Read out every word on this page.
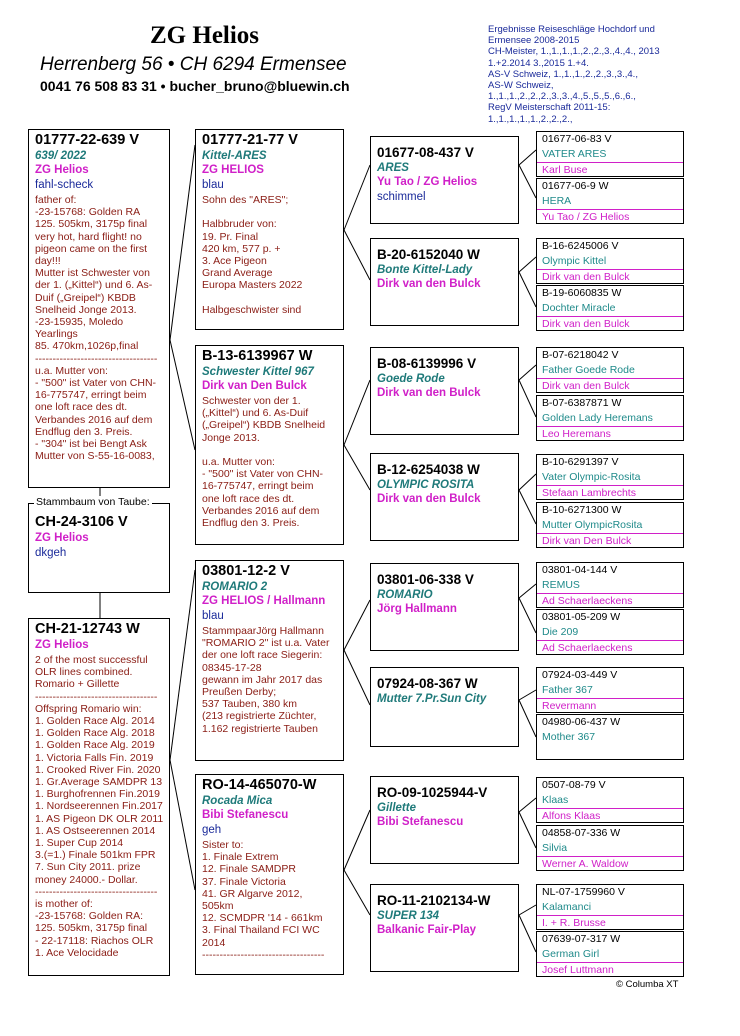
ZG Helios
Herrenberg 56 • CH 6294 Ermensee
0041 76 508 83 31 • bucher_bruno@bluewin.ch
Ergebnisse Reiseschläge Hochdorf und
Ermensee 2008-2015
CH-Meister, 1.,1.,1.,1.,2.,2.,3.,4.,4., 2013
1.+2.2014 3.,2015 1.+4.
AS-V Schweiz, 1.,1.,1.,2.,2.,3.,3.,4.,
AS-W Schweiz,
1.,1.,1.,2.,2.,2.,3.,3.,4.,5.,5.,5.,6.,6.,
RegV Meisterschaft 2011-15:
1.,1.,1.,1.,1.,2.,2.,2.,
01777-22-639 V
639/ 2022
ZG Helios
fahl-scheck
father of:
-23-15768: Golden RA
125. 505km, 3175p final
very hot, hard flight! no
pigeon came on the first
day!!!
Mutter ist Schwester von
der 1. („Kittel“) und 6. As-
Duif („Greipel“) KBDB
Snelheid Jonge 2013.
-23-15935, Moledo
Yearlings
85. 470km,1026p,final
-----------------------------------
u.a. Mutter von:
- "500" ist Vater von CHN-
16-775747, erringt beim
one loft race des dt.
Verbandes 2016 auf dem
Endflug den 3. Preis.
- "304" ist bei Bengt Ask
Mutter von S-55-16-0083,
CH-24-3106 V
ZG Helios
dkgeh
Stammbaum von Taube:
CH-21-12743 W
ZG Helios
2 of the most successful
OLR lines combined.
Romario + Gillette
-----------------------------------
Offspring Romario win:
1. Golden Race Alg. 2014
1. Golden Race Alg. 2018
1. Golden Race Alg. 2019
1. Victoria Falls Fin. 2019
1. Crooked River Fin. 2020
1. Gr.Average SAMDPR 13
1. Burghofrennen Fin.2019
1. Nordseerennen Fin.2017
1. AS Pigeon DK OLR 2011
1. AS Ostseerennen 2014
1. Super Cup 2014
3.(=1.) Finale 501km FPR
7. Sun City 2011. prize
money 24000.- Dollar.
-----------------------------------
is mother of:
-23-15768: Golden RA:
125. 505km, 3175p final
- 22-17118: Riachos OLR
1. Ace Velocidade
01777-21-77 V
Kittel-ARES
ZG HELIOS
blau
Sohn des "ARES";

Halbbruder von:
19. Pr. Final
420 km, 577 p. +
3. Ace Pigeon
Grand Average
Europa Masters 2022

Halbgeschwister sind
B-13-6139967 W
Schwester Kittel 967
Dirk van Den Bulck
Schwester von der 1.
(„Kittel“) und 6. As-Duif
(„Greipel“) KBDB Snelheid
Jonge 2013.

u.a. Mutter von:
- "500" ist Vater von CHN-
16-775747, erringt beim
one loft race des dt.
Verbandes 2016 auf dem
Endflug den 3. Preis.
03801-12-2 V
ROMARIO 2
ZG HELIOS / Hallmann
blau
StammpaarJörg Hallmann
"ROMARIO 2" ist u.a. Vater
der one loft race Siegerin:
08345-17-28
gewann im Jahr 2017 das
Preußen Derby;
537 Tauben, 380 km
(213 registrierte Züchter,
1.162 registrierte Tauben
RO-14-465070-W
Rocada Mica
Bibi Stefanescu
geh
Sister to:
1. Finale Extrem
12. Finale SAMDPR
37. Finale Victoria
41. GR Algarve 2012,
505km
12. SCMDPR '14 - 661km
3. Final Thailand FCI WC
2014
-----------------------------------
01677-08-437 V
ARES
Yu Tao / ZG Helios
schimmel
B-20-6152040 W
Bonte Kittel-Lady
Dirk van den Bulck
B-08-6139996 V
Goede Rode
Dirk van den Bulck
B-12-6254038 W
OLYMPIC ROSITA
Dirk van den Bulck
03801-06-338 V
ROMARIO
Jörg Hallmann
07924-08-367 W
Mutter 7.Pr.Sun City
RO-09-1025944-V
Gillette
Bibi Stefanescu
RO-11-2102134-W
SUPER 134
Balkanic Fair-Play
01677-06-83 V
VATER ARES
Karl Buse
01677-06-9 W
HERA
Yu Tao / ZG Helios
B-16-6245006 V
Olympic Kittel
Dirk van den Bulck
B-19-6060835 W
Dochter Miracle
Dirk van den Bulck
B-07-6218042 V
Father Goede Rode
Dirk van den Bulck
B-07-6387871 W
Golden Lady Heremans
Leo Heremans
B-10-6291397 V
Vater Olympic-Rosita
Stefaan Lambrechts
B-10-6271300 W
Mutter OlympicRosita
Dirk van Den Bulck
03801-04-144 V
REMUS
Ad Schaerlaeckens
03801-05-209 W
Die 209
Ad Schaerlaeckens
07924-03-449 V
Father 367
Revermann
04980-06-437 W
Mother 367
0507-08-79 V
Klaas
Alfons Klaas
04858-07-336 W
Silvia
Werner A. Waldow
NL-07-1759960 V
Kalamanci
I. + R. Brusse
07639-07-317 W
German Girl
Josef Luttmann
© Columba XT
